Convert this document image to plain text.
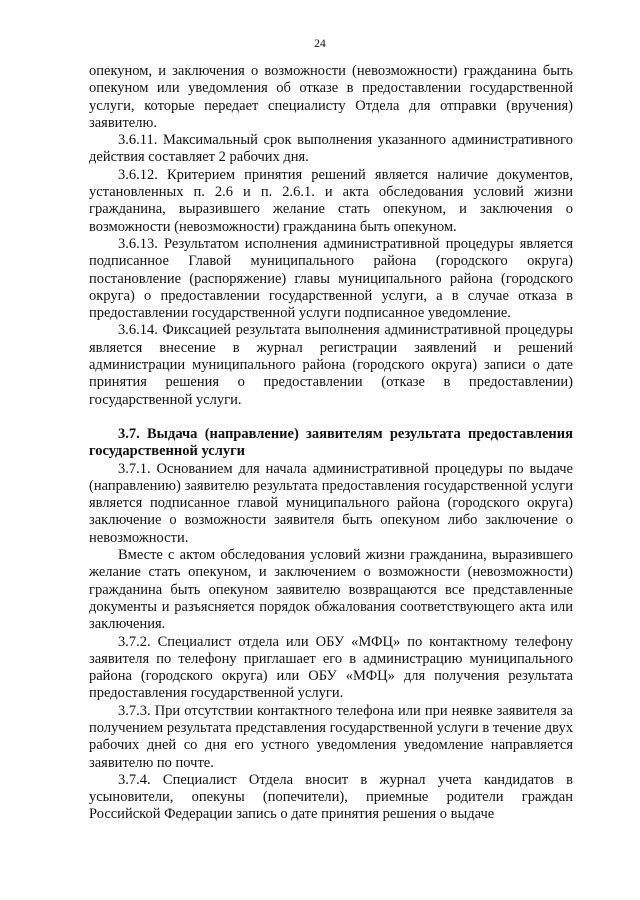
24

опекуном, и заключения о возможности (невозможности) гражданина быть опекуном или уведомления об отказе в предоставлении государственной услуги, которые передает специалисту Отдела для отправки (вручения) заявителю.

3.6.11. Максимальный срок выполнения указанного административного действия составляет 2 рабочих дня.

3.6.12. Критерием принятия решений является наличие документов, установленных п. 2.6 и п. 2.6.1. и акта обследования условий жизни гражданина, выразившего желание стать опекуном, и заключения о возможности (невозможности) гражданина быть опекуном.

3.6.13. Результатом исполнения административной процедуры является подписанное Главой муниципального района (городского округа) постановление (распоряжение) главы муниципального района (городского округа) о предоставлении государственной услуги, а в случае отказа в предоставлении государственной услуги подписанное уведомление.

3.6.14. Фиксацией результата выполнения административной процедуры является внесение в журнал регистрации заявлений и решений администрации муниципального района (городского округа) записи о дате принятия решения о предоставлении (отказе в предоставлении) государственной услуги.

3.7. Выдача (направление) заявителям результата предоставления государственной услуги

3.7.1. Основанием для начала административной процедуры по выдаче (направлению) заявителю результата предоставления государственной услуги является подписанное главой муниципального района (городского округа) заключение о возможности заявителя быть опекуном либо заключение о невозможности.

Вместе с актом обследования условий жизни гражданина, выразившего желание стать опекуном, и заключением о возможности (невозможности) гражданина быть опекуном заявителю возвращаются все представленные документы и разъясняется порядок обжалования соответствующего акта или заключения.

3.7.2. Специалист отдела или ОБУ «МФЦ» по контактному телефону заявителя по телефону приглашает его в администрацию муниципального района (городского округа) или ОБУ «МФЦ» для получения результата предоставления государственной услуги.

3.7.3. При отсутствии контактного телефона или при неявке заявителя за получением результата представления государственной услуги в течение двух рабочих дней со дня его устного уведомления уведомление направляется заявителю по почте.

3.7.4. Специалист Отдела вносит в журнал учета кандидатов в усыновители, опекуны (попечители), приемные родители граждан Российской Федерации запись о дате принятия решения о выдаче
